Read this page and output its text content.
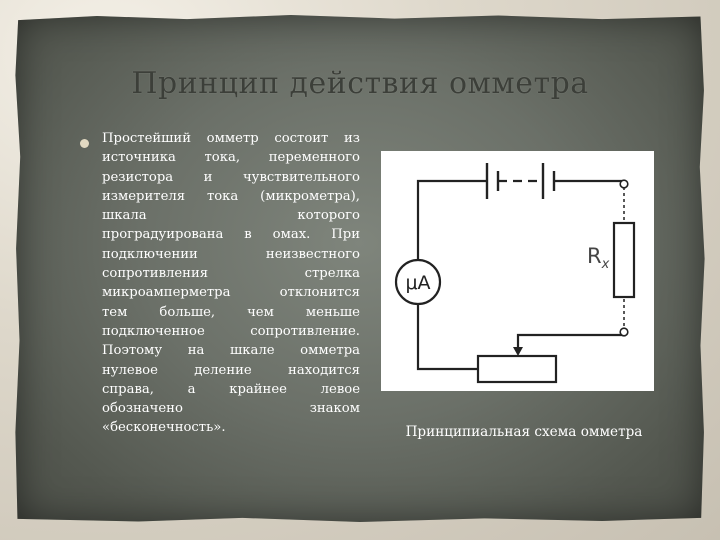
Принцип действия омметра
Простейший омметр состоит из
источника тока, переменного
резистора и чувствительного
измерителя тока (микрометра),
шкала которого
проградуирована в омах. При
подключении неизвестного
сопротивления стрелка
микроамперметра отклонится
тем больше, чем меньше
подключенное сопротивление.
Поэтому на шкале омметра
нулевое деление находится
справа, а крайнее левое
обозначено знаком
«бесконечность».
$R_x$
μA
Принципиальная схема омметра
